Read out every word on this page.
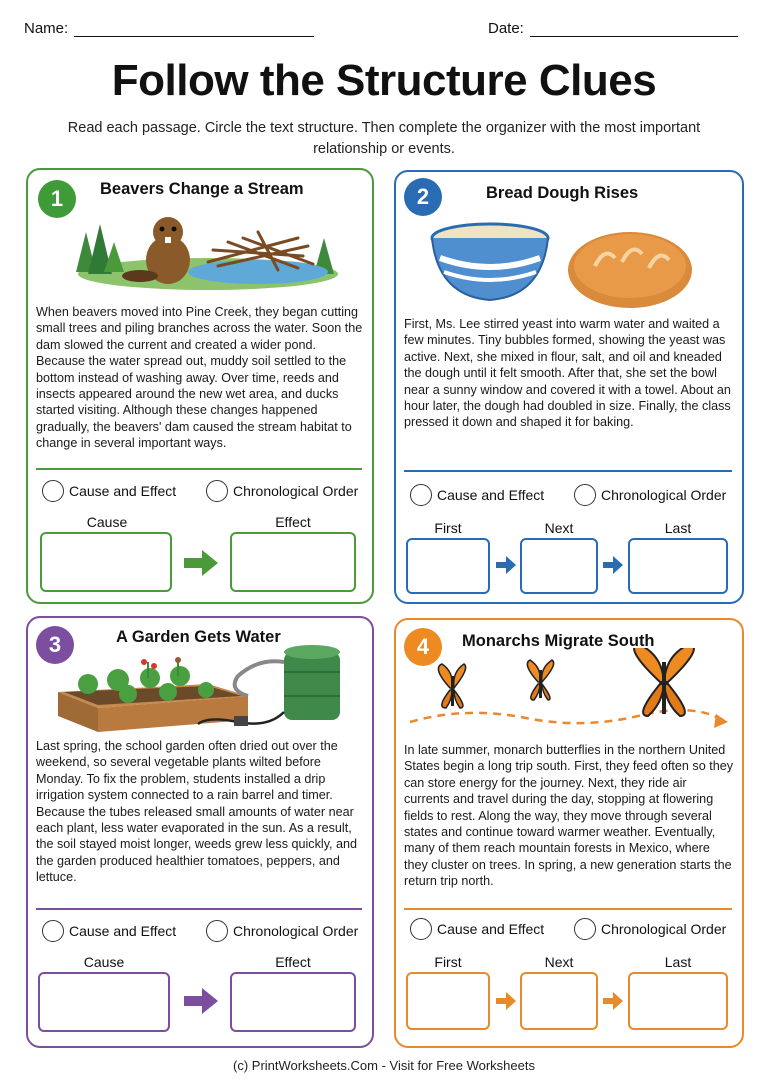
Name:	Date:
Follow the Structure Clues
Read each passage. Circle the text structure. Then complete the organizer with the most important relationship or events.
1	Beavers Change a Stream
When beavers moved into Pine Creek, they began cutting small trees and piling branches across the water. Soon the dam slowed the current and created a wider pond. Because the water spread out, muddy soil settled to the bottom instead of washing away. Over time, reeds and insects appeared around the new wet area, and ducks started visiting. Although these changes happened gradually, the beavers' dam caused the stream habitat to change in several important ways.
Cause and Effect	Chronological Order
Cause	Effect
2	Bread Dough Rises
First, Ms. Lee stirred yeast into warm water and waited a few minutes. Tiny bubbles formed, showing the yeast was active. Next, she mixed in flour, salt, and oil and kneaded the dough until it felt smooth. After that, she set the bowl near a sunny window and covered it with a towel. About an hour later, the dough had doubled in size. Finally, the class pressed it down and shaped it for baking.
Cause and Effect	Chronological Order
First	Next	Last
3	A Garden Gets Water
Last spring, the school garden often dried out over the weekend, so several vegetable plants wilted before Monday. To fix the problem, students installed a drip irrigation system connected to a rain barrel and timer. Because the tubes released small amounts of water near each plant, less water evaporated in the sun. As a result, the soil stayed moist longer, weeds grew less quickly, and the garden produced healthier tomatoes, peppers, and lettuce.
Cause and Effect	Chronological Order
Cause	Effect
4	Monarchs Migrate South
In late summer, monarch butterflies in the northern United States begin a long trip south. First, they feed often so they can store energy for the journey. Next, they ride air currents and travel during the day, stopping at flowering fields to rest. Along the way, they move through several states and continue toward warmer weather. Eventually, many of them reach mountain forests in Mexico, where they cluster on trees. In spring, a new generation starts the return trip north.
Cause and Effect	Chronological Order
First	Next	Last
(c) PrintWorksheets.Com - Visit for Free Worksheets
